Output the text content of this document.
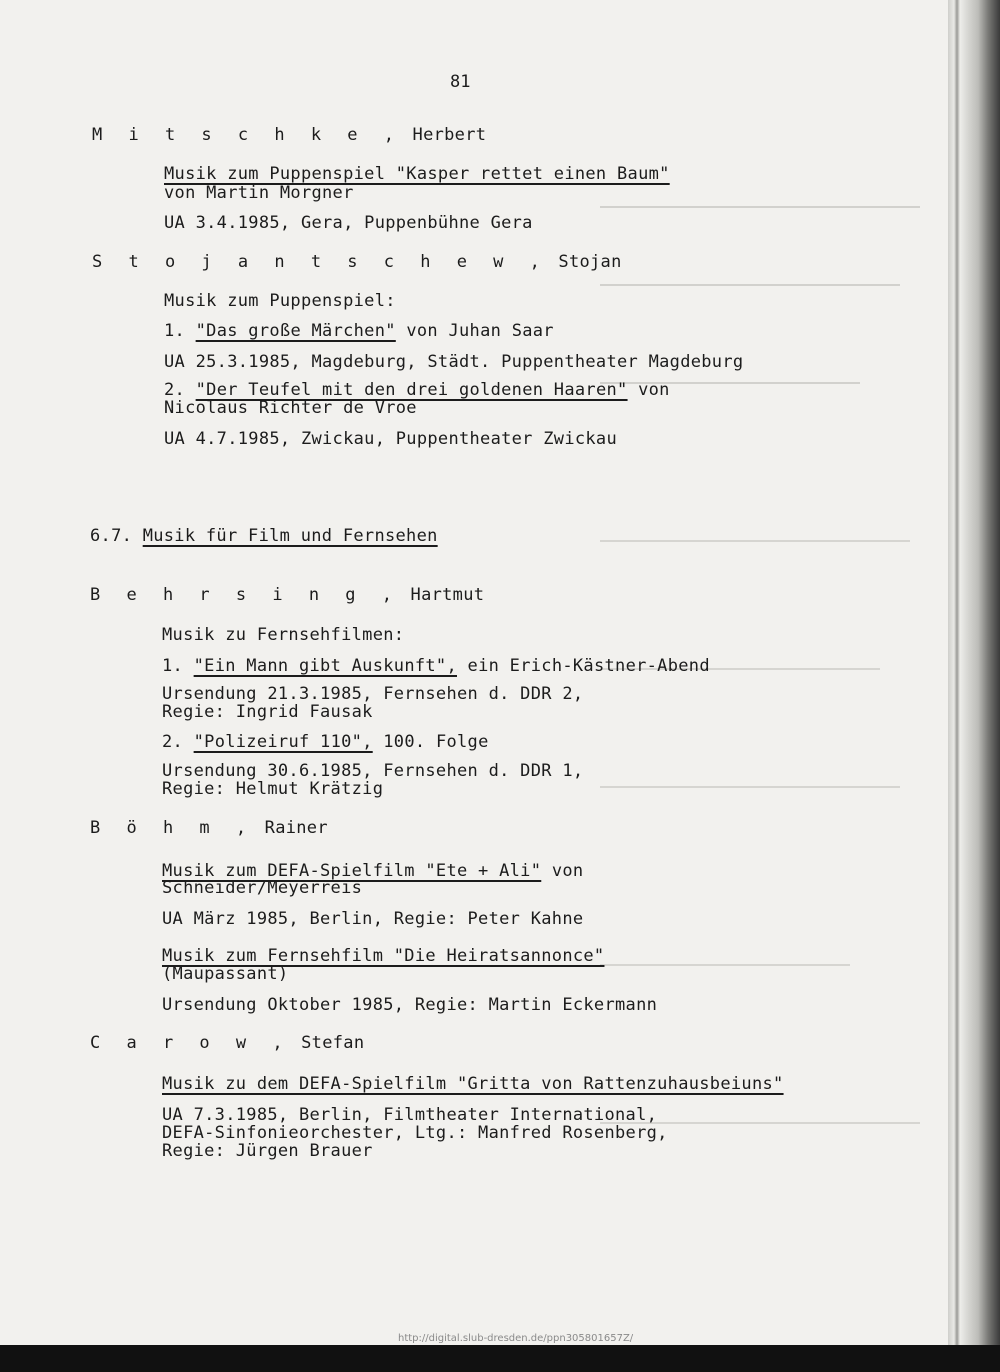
81
M i t s c h k e , Herbert
Musik zum Puppenspiel "Kasper rettet einen Baum"
von Martin Morgner
UA 3.4.1985, Gera, Puppenbühne Gera
S t o j a n t s c h e w , Stojan
Musik zum Puppenspiel:
1. "Das große Märchen" von Juhan Saar
UA 25.3.1985, Magdeburg, Städt. Puppentheater Magdeburg
2. "Der Teufel mit den drei goldenen Haaren" von
Nicolaus Richter de Vroe
UA 4.7.1985, Zwickau, Puppentheater Zwickau
6.7. Musik für Film und Fernsehen
B e h r s i n g , Hartmut
Musik zu Fernsehfilmen:
1. "Ein Mann gibt Auskunft", ein Erich-Kästner-Abend
Ursendung 21.3.1985, Fernsehen d. DDR 2,
Regie: Ingrid Fausak
2. "Polizeiruf 110", 100. Folge
Ursendung 30.6.1985, Fernsehen d. DDR 1,
Regie: Helmut Krätzig
B ö h m , Rainer
Musik zum DEFA-Spielfilm "Ete + Ali" von
Schneider/Meyerreis
UA März 1985, Berlin, Regie: Peter Kahne
Musik zum Fernsehfilm "Die Heiratsannonce"
(Maupassant)
Ursendung Oktober 1985, Regie: Martin Eckermann
C a r o w , Stefan
Musik zu dem DEFA-Spielfilm "Gritta von Rattenzuhausbeiuns"
UA 7.3.1985, Berlin, Filmtheater International,
DEFA-Sinfonieorchester, Ltg.: Manfred Rosenberg,
Regie: Jürgen Brauer
http://digital.slub-dresden.de/ppn305801657Z/
